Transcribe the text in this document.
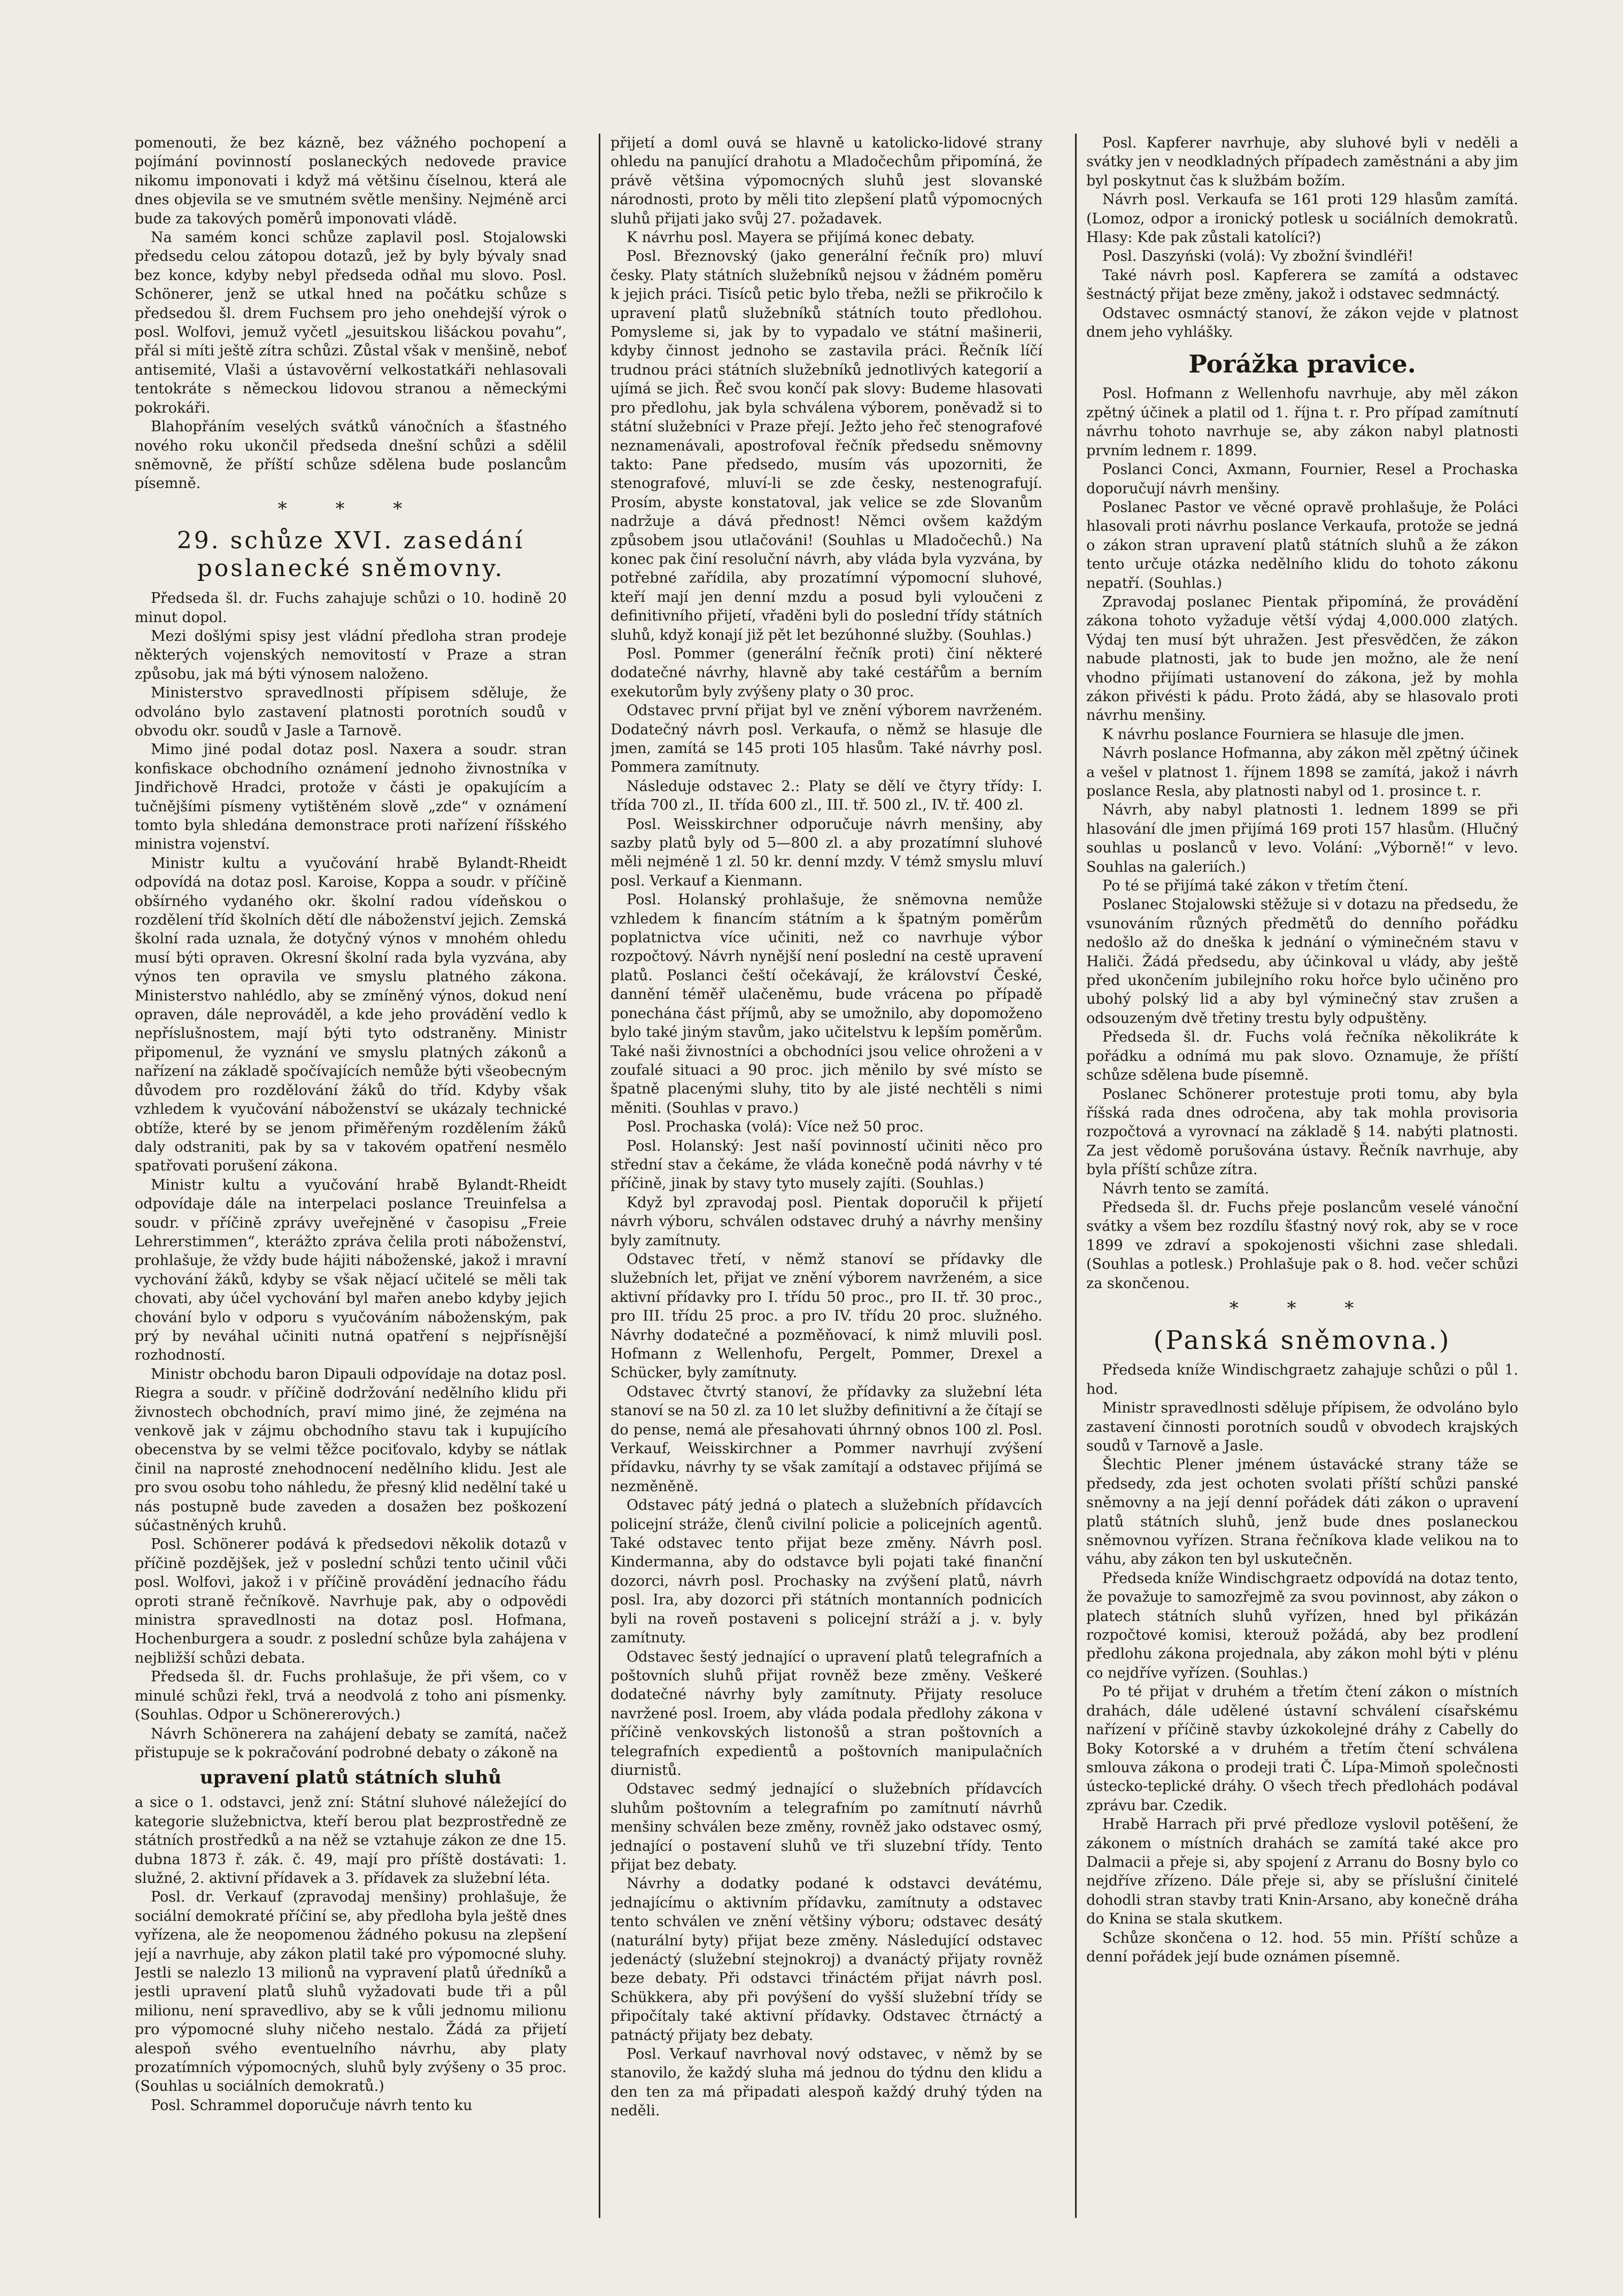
pomenouti, že bez kázně, bez vážného pochopení a pojímání povinností poslaneckých nedovede pravice nikomu imponovati i když má většinu číselnou, která ale dnes objevila se ve smutném světle menšiny. Nejméně arci bude za takových poměrů imponovati vládě.

Na samém konci schůze zaplavil posl. Stojalowski předsedu celou zátopou dotazů, jež by byly bývaly snad bez konce, kdyby nebyl předseda odňal mu slovo. Posl. Schönerer, jenž se utkal hned na počátku schůze s předsedou šl. drem Fuchsem pro jeho onehdejší výrok o posl. Wolfovi, jemuž vyčetl „jesuitskou lišáckou povahu“, přál si míti ještě zítra schůzi. Zůstal však v menšině, neboť antisemité, Vlaši a ústavověrní velkostatkáři nehlasovali tentokráte s německou lidovou stranou a německými pokrokáři.

Blahopřáním veselých svátků vánočních a šťastného nového roku ukončil předseda dnešní schůzi a sdělil sněmovně, že příští schůze sdělena bude poslancům písemně.

* * *
29. schůze XVI. zasedání poslanecké sněmovny.

Předseda šl. dr. Fuchs zahajuje schůzi o 10. hodině 20 minut dopol.

Mezi došlými spisy jest vládní předloha stran prodeje některých vojenských nemovitostí v Praze a stran způsobu, jak má býti výnosem naloženo.

Ministerstvo spravedlnosti přípisem sděluje, že odvoláno bylo zastavení platnosti porotních soudů v obvodu okr. soudů v Jasle a Tarnově.

Mimo jiné podal dotaz posl. Naxera a soudr. stran konfiskace obchodního oznámení jednoho živnostníka v Jindřichově Hradci, protože v části je opakujícím a tučnějšími písmeny vytištěném slově „zde“ v oznámení tomto byla shledána demonstrace proti nařízení říšského ministra vojenství.

Ministr kultu a vyučování hrabě Bylandt-Rheidt odpovídá na dotaz posl. Karoise, Koppa a soudr. v příčině obšírného vydaného okr. školní radou vídeňskou o rozdělení tříd školních dětí dle náboženství jejich. Zemská školní rada uznala, že dotyčný výnos v mnohém ohledu musí býti opraven. Okresní školní rada byla vyzvána, aby výnos ten opravila ve smyslu platného zákona. Ministerstvo nahlédlo, aby se zmíněný výnos, dokud není opraven, dále neprováděl, a kde jeho provádění vedlo k nepříslušnostem, mají býti tyto odstraněny. Ministr připomenul, že vyznání ve smyslu platných zákonů a nařízení na základě spočívajících nemůže býti všeobecným důvodem pro rozdělování žáků do tříd. Kdyby však vzhledem k vyučování náboženství se ukázaly technické obtíže, které by se jenom přiměřeným rozdělením žáků daly odstraniti, pak by sa v takovém opatření nesmělo spatřovati porušení zákona.

Ministr kultu a vyučování hrabě Bylandt-Rheidt odpovídaje dále na interpelaci poslance Treuinfelsa a soudr. v příčině zprávy uveřejněné v časopisu „Freie Lehrerstimmen“, kterážto zpráva čelila proti náboženství, prohlašuje, že vždy bude hájiti náboženské, jakož i mravní vychování žáků, kdyby se však nějací učitelé se měli tak chovati, aby účel vychování byl mařen anebo kdyby jejich chování bylo v odporu s vyučováním náboženským, pak prý by neváhal učiniti nutná opatření s nejpřísnější rozhodností.

Ministr obchodu baron Dipauli odpovídaje na dotaz posl. Riegra a soudr. v příčině dodržování nedělního klidu při živnostech obchodních, praví mimo jiné, že zejména na venkově jak v zájmu obchodního stavu tak i kupujícího obecenstva by se velmi těžce pociťovalo, kdyby se nátlak činil na naprosté znehodnocení nedělního klidu. Jest ale pro svou osobu toho náhledu, že přesný klid nedělní také u nás postupně bude zaveden a dosažen bez poškození súčastněných kruhů.

Posl. Schönerer podává k předsedovi několik dotazů v příčině pozdějšek, jež v poslední schůzi tento učinil vůči posl. Wolfovi, jakož i v příčině provádění jednacího řádu oproti straně řečníkově. Navrhuje pak, aby o odpovědi ministra spravedlnosti na dotaz posl. Hofmana, Hochenburgera a soudr. z poslední schůze byla zahájena v nejbližší schůzi debata.

Předseda šl. dr. Fuchs prohlašuje, že při všem, co v minulé schůzi řekl, trvá a neodvolá z toho ani písmenky. (Souhlas. Odpor u Schönererových.)

Návrh Schönerera na zahájení debaty se zamítá, načež přistupuje se k pokračování podrobné debaty o zákoně na

upravení platů státních sluhů

a sice o 1. odstavci, jenž zní: Státní sluhové náležející do kategorie služebnictva, kteří berou plat bezprostředně ze státních prostředků a na něž se vztahuje zákon ze dne 15. dubna 1873 ř. zák. č. 49, mají pro příště dostávati: 1. služné, 2. aktivní přídavek a 3. přídavek za služební léta.

Posl. dr. Verkauf (zpravodaj menšiny) prohlašuje, že sociální demokraté příčiní se, aby předloha byla ještě dnes vyřízena, ale že neopomenou žádného pokusu na zlepšení její a navrhuje, aby zákon platil také pro výpomocné sluhy. Jestli se nalezlo 13 milionů na vypravení platů úředníků a jestli upravení platů sluhů vyžadovati bude tři a půl milionu, není spravedlivo, aby se k vůli jednomu milionu pro výpomocné sluhy ničeho nestalo. Žádá za přijetí alespoň svého eventuelního návrhu, aby platy prozatímních výpomocných, sluhů byly zvýšeny o 35 proc. (Souhlas u sociálních demokratů.)

Posl. Schrammel doporučuje návrh tento ku

přijetí a doml ouvá se hlavně u katolicko-lidové strany ohledu na panující drahotu a Mladočechům připomíná, že právě většina výpomocných sluhů jest slovanské národnosti, proto by měli tito zlepšení platů výpomocných sluhů přijati jako svůj 27. požadavek.

K návrhu posl. Mayera se přijímá konec debaty.

Posl. Březnovský (jako generální řečník pro) mluví česky. Platy státních služebníků nejsou v žádném poměru k jejich práci. Tisíců petic bylo třeba, nežli se přikročilo k upravení platů služebníků státních touto předlohou. Pomysleme si, jak by to vypadalo ve státní mašinerii, kdyby činnost jednoho se zastavila práci. Řečník líčí trudnou práci státních služebníků jednotlivých kategorií a ujímá se jich. Řeč svou končí pak slovy: Budeme hlasovati pro předlohu, jak byla schválena výborem, poněvadž si to státní služebníci v Praze přejí. Ježto jeho řeč stenografové neznamenávali, apostrofoval řečník předsedu sněmovny takto: Pane předsedo, musím vás upozorniti, že stenografové, mluví-li se zde česky, nestenografují. Prosím, abyste konstatoval, jak velice se zde Slovanům nadržuje a dává přednost! Němci ovšem každým způsobem jsou utlačováni! (Souhlas u Mladočechů.) Na konec pak činí resoluční návrh, aby vláda byla vyzvána, by potřebné zařídila, aby prozatímní výpomocní sluhové, kteří mají jen denní mzdu a posud byli vyloučeni z definitivního přijetí, vřaděni byli do poslední třídy státních sluhů, když konají již pět let bezúhonné služby. (Souhlas.)

Posl. Pommer (generální řečník proti) činí některé dodatečné návrhy, hlavně aby také cestářům a berním exekutorům byly zvýšeny platy o 30 proc.

Odstavec první přijat byl ve znění výborem navrženém. Dodatečný návrh posl. Verkaufa, o němž se hlasuje dle jmen, zamítá se 145 proti 105 hlasům. Také návrhy posl. Pommera zamítnuty.

Následuje odstavec 2.: Platy se dělí ve čtyry třídy: I. třída 700 zl., II. třída 600 zl., III. tř. 500 zl., IV. tř. 400 zl.

Posl. Weisskirchner odporučuje návrh menšiny, aby sazby platů byly od 5—800 zl. a aby prozatímní sluhové měli nejméně 1 zl. 50 kr. denní mzdy. V témž smyslu mluví posl. Verkauf a Kienmann.

Posl. Holanský prohlašuje, že sněmovna nemůže vzhledem k financím státním a k špatným poměrům poplatnictva více učiniti, než co navrhuje výbor rozpočtový. Návrh nynější není poslední na cestě upravení platů. Poslanci čeští očekávají, že království České, dannění téměř ulačeněmu, bude vrácena po případě ponechána část příjmů, aby se umožnilo, aby dopomoženo bylo také jiným stavům, jako učitelstvu k lepším poměrům. Také naši živnostníci a obchodníci jsou velice ohroženi a v zoufalé situaci a 90 proc. jich měnilo by své místo se špatně placenými sluhy, tito by ale jisté nechtěli s nimi měniti. (Souhlas v pravo.)

Posl. Prochaska (volá): Více než 50 proc.

Posl. Holanský: Jest naší povinností učiniti něco pro střední stav a čekáme, že vláda konečně podá návrhy v té příčině, jinak by stavy tyto musely zajíti. (Souhlas.)

Když byl zpravodaj posl. Pientak doporučil k přijetí návrh výboru, schválen odstavec druhý a návrhy menšiny byly zamítnuty.

Odstavec třetí, v němž stanoví se přídavky dle služebních let, přijat ve znění výborem navrženém, a sice aktivní přídavky pro I. třídu 50 proc., pro II. tř. 30 proc., pro III. třídu 25 proc. a pro IV. třídu 20 proc. služného. Návrhy dodatečné a pozměňovací, k nimž mluvili posl. Hofmann z Wellenhofu, Pergelt, Pommer, Drexel a Schücker, byly zamítnuty.

Odstavec čtvrtý stanoví, že přídavky za služební léta stanoví se na 50 zl. za 10 let služby definitivní a že čítají se do pense, nemá ale přesahovati úhrnný obnos 100 zl. Posl. Verkauf, Weisskirchner a Pommer navrhují zvýšení přídavku, návrhy ty se však zamítají a odstavec přijímá se nezměněně.

Odstavec pátý jedná o platech a služebních přídavcích policejní stráže, členů civilní policie a policejních agentů. Také odstavec tento přijat beze změny. Návrh posl. Kindermanna, aby do odstavce byli pojati také finanční dozorci, návrh posl. Prochasky na zvýšení platů, návrh posl. Ira, aby dozorci při státních montanních podnicích byli na roveň postaveni s policejní stráží a j. v. byly zamítnuty.

Odstavec šestý jednající o upravení platů telegrafních a poštovních sluhů přijat rovněž beze změny. Veškeré dodatečné návrhy byly zamítnuty. Přijaty resoluce navržené posl. Iroem, aby vláda podala předlohy zákona v příčině venkovských listonošů a stran poštovních a telegrafních expedientů a poštovních manipulačních diurnistů.

Odstavec sedmý jednající o služebních přídavcích sluhům poštovním a telegrafním po zamítnutí návrhů menšiny schválen beze změny, rovněž jako odstavec osmý, jednající o postavení sluhů ve tři sluzební třídy. Tento přijat bez debaty.

Návrhy a dodatky podané k odstavci devátému, jednajícímu o aktivním přídavku, zamítnuty a odstavec tento schválen ve znění většiny výboru; odstavec desátý (naturální byty) přijat beze změny. Následující odstavec jedenáctý (služební stejnokroj) a dvanáctý přijaty rovněž beze debaty. Při odstavci třináctém přijat návrh posl. Schükkera, aby při povýšení do vyšší služební třídy se připočítaly také aktivní přídavky. Odstavec čtrnáctý a patnáctý přijaty bez debaty.

Posl. Verkauf navrhoval nový odstavec, v němž by se stanovilo, že každý sluha má jednou do týdnu den klidu a den ten za má připadati alespoň každý druhý týden na neděli.

Posl. Kapferer navrhuje, aby sluhové byli v neděli a svátky jen v neodkladných případech zaměstnáni a aby jim byl poskytnut čas k službám božím.

Návrh posl. Verkaufa se 161 proti 129 hlasům zamítá. (Lomoz, odpor a ironický potlesk u sociálních demokratů. Hlasy: Kde pak zůstali katolíci?)

Posl. Daszyński (volá): Vy zbožní švindléři!

Také návrh posl. Kapferera se zamítá a odstavec šestnáctý přijat beze změny, jakož i odstavec sedmnáctý.

Odstavec osmnáctý stanoví, že zákon vejde v platnost dnem jeho vyhlášky.

Porážka pravice.

Posl. Hofmann z Wellenhofu navrhuje, aby měl zákon zpětný účinek a platil od 1. října t. r. Pro případ zamítnutí návrhu tohoto navrhuje se, aby zákon nabyl platnosti prvním lednem r. 1899.

Poslanci Conci, Axmann, Fournier, Resel a Prochaska doporučují návrh menšiny.

Poslanec Pastor ve věcné opravě prohlašuje, že Poláci hlasovali proti návrhu poslance Verkaufa, protože se jedná o zákon stran upravení platů státních sluhů a že zákon tento určuje otázka nedělního klidu do tohoto zákonu nepatří. (Souhlas.)

Zpravodaj poslanec Pientak připomíná, že provádění zákona tohoto vyžaduje větší výdaj 4,000.000 zlatých. Výdaj ten musí být uhražen. Jest přesvědčen, že zákon nabude platnosti, jak to bude jen možno, ale že není vhodno přijímati ustanovení do zákona, jež by mohla zákon přivésti k pádu. Proto žádá, aby se hlasovalo proti návrhu menšiny.

K návrhu poslance Fourniera se hlasuje dle jmen.

Návrh poslance Hofmanna, aby zákon měl zpětný účinek a vešel v platnost 1. říjnem 1898 se zamítá, jakož i návrh poslance Resla, aby platnosti nabyl od 1. prosince t. r.

Návrh, aby nabyl platnosti 1. lednem 1899 se při hlasování dle jmen přijímá 169 proti 157 hlasům. (Hlučný souhlas u poslanců v levo. Volání: „Výborně!“ v levo. Souhlas na galeriích.)

Po té se přijímá také zákon v třetím čtení.

Poslanec Stojalowski stěžuje si v dotazu na předsedu, že vsunováním různých předmětů do denního pořádku nedošlo až do dneška k jednání o výminečném stavu v Haliči. Žádá předsedu, aby účinkoval u vlády, aby ještě před ukončením jubilejního roku hořce bylo učiněno pro ubohý polský lid a aby byl výminečný stav zrušen a odsouzeným dvě třetiny trestu byly odpuštěny.

Předseda šl. dr. Fuchs volá řečníka několikráte k pořádku a odnímá mu pak slovo. Oznamuje, že příští schůze sdělena bude písemně.

Poslanec Schönerer protestuje proti tomu, aby byla říšská rada dnes odročena, aby tak mohla provisoria rozpočtová a vyrovnací na základě § 14. nabýti platnosti. Za jest vědomě porušována ústavy. Řečník navrhuje, aby byla příští schůze zítra.

Návrh tento se zamítá.

Předseda šl. dr. Fuchs přeje poslancům veselé vánoční svátky a všem bez rozdílu šťastný nový rok, aby se v roce 1899 ve zdraví a spokojenosti všichni zase shledali. (Souhlas a potlesk.) Prohlašuje pak o 8. hod. večer schůzi za skončenou.

* * *
(Panská sněmovna.)

Předseda kníže Windischgraetz zahajuje schůzi o půl 1. hod.

Ministr spravedlnosti sděluje přípisem, že odvoláno bylo zastavení činnosti porotních soudů v obvodech krajských soudů v Tarnově a Jasle.

Šlechtic Plener jménem ústavácké strany táže se předsedy, zda jest ochoten svolati příští schůzi panské sněmovny a na její denní pořádek dáti zákon o upravení platů státních sluhů, jenž bude dnes poslaneckou sněmovnou vyřízen. Strana řečníkova klade velikou na to váhu, aby zákon ten byl uskutečněn.

Předseda kníže Windischgraetz odpovídá na dotaz tento, že považuje to samozřejmě za svou povinnost, aby zákon o platech státních sluhů vyřízen, hned byl přikázán rozpočtové komisi, kterouž požádá, aby bez prodlení předlohu zákona projednala, aby zákon mohl býti v plénu co nejdříve vyřízen. (Souhlas.)

Po té přijat v druhém a třetím čtení zákon o místních drahách, dále udělené ústavní schválení císařskému nařízení v příčině stavby úzkokolejné dráhy z Cabelly do Boky Kotorské a v druhém a třetím čtení schválena smlouva zákona o prodeji trati Č. Lípa-Mimoň společnosti ústecko-teplické dráhy. O všech třech předlohách podával zprávu bar. Czedik.

Hrabě Harrach při prvé předloze vyslovil potěšení, že zákonem o místních drahách se zamítá také akce pro Dalmacii a přeje si, aby spojení z Arranu do Bosny bylo co nejdříve zřízeno. Dále přeje si, aby se příslušní činitelé dohodli stran stavby trati Knin-Arsano, aby konečně dráha do Knina se stala skutkem.

Schůze skončena o 12. hod. 55 min. Příští schůze a denní pořádek její bude oznámen písemně.
